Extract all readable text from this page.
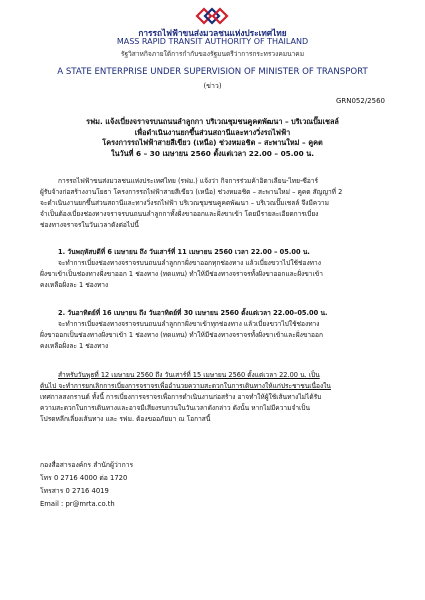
การรถไฟฟ้าขนส่งมวลชนแห่งประเทศไทย
MASS RAPID TRANSIT AUTHORITY OF THAILAND
รัฐวิสาหกิจภายใต้การกำกับของรัฐมนตรีว่าการกระทรวงคมนาคม
A STATE ENTERPRISE UNDER SUPERVISION OF MINISTER OF TRANSPORT
(ข่าว)
GRN052/2560
รฟม. แจ้งเบี่ยงจราจรบนถนนลำลูกกา บริเวณชุมชนคูคตพัฒนา – บริเวณปั๊มเชลล์
เพื่อดำเนินงานยกขึ้นส่วนสถานีและทางวิ่งรถไฟฟ้า
โครงการรถไฟฟ้าสายสีเขียว (เหนือ) ช่วงหมอชิต – สะพานใหม่ – คูคต
ในวันที่ 6 – 30 เมษายน 2560 ตั้งแต่เวลา 22.00 – 05.00 น.
การรถไฟฟ้าขนส่งมวลชนแห่งประเทศไทย (รฟม.) แจ้งว่า กิจการร่วมค้าอิตาเลียน-ไทย-ซีอาร์
ผู้รับจ้างก่อสร้างงานโยธา โครงการรถไฟฟ้าสายสีเขียว (เหนือ) ช่วงหมอชิต – สะพานใหม่ – คูคต สัญญาที่ 2
จะดำเนินงานยกขึ้นส่วนสถานีและทางวิ่งรถไฟฟ้า บริเวณชุมชนคูคตพัฒนา – บริเวณปั๊มเชลล์ จึงมีความ
จำเป็นต้องเบี่ยงช่องทางจราจรบนถนนลำลูกกาทั้งฝั่งขาออกและฝั่งขาเข้า โดยมีรายละเอียดการเบี่ยง
ช่องทางจราจรในวันเวลาดังต่อไปนี้
1. วันพฤหัสบดีที่ 6 เมษายน ถึง วันเสาร์ที่ 11 เมษายน 2560 เวลา 22.00 – 05.00 น.
จะทำการเบี่ยงช่องทางจราจรบนถนนลำลูกกาฝั่งขาออกทุกช่องทาง แล้วเบี่ยงขวาไปใช้ช่องทาง
ฝั่งขาเข้าเป็นช่องทางฝั่งขาออก 1 ช่องทาง (ทดแทน) ทำให้มีช่องทางจราจรทั้งฝั่งขาออกและฝั่งขาเข้า
คงเหลือฝั่งละ 1 ช่องทาง
2. วันอาทิตย์ที่ 16 เมษายน ถึง วันอาทิตย์ที่ 30 เมษายน 2560 ตั้งแต่เวลา 22.00–05.00 น.
จะทำการเบี่ยงช่องทางจราจรบนถนนลำลูกกาฝั่งขาเข้าทุกช่องทาง แล้วเบี่ยงขวาไปใช้ช่องทาง
ฝั่งขาออกเป็นช่องทางฝั่งขาเข้า 1 ช่องทาง (ทดแทน) ทำให้มีช่องทางจราจรทั้งฝั่งขาเข้าและฝั่งขาออก
คงเหลือฝั่งละ 1 ช่องทาง
สำหรับวันพุธที่ 12 เมษายน 2560 ถึง วันเสาร์ที่ 15 เมษายน 2560 ตั้งแต่เวลา 22.00 น. เป็น
ต้นไป จะทำการยกเลิกการเบี่ยงการจราจรเพื่ออำนวยความสะดวกในการเดินทางให้แก่ประชาชนเนื่องใน
เทศกาลสงกรานต์ ทั้งนี้ การเบี่ยงการจราจรเพื่อการดำเนินงานก่อสร้าง อาจทำให้ผู้ใช้เส้นทางไม่ได้รับ
ความสะดวกในการเดินทางและอาจมีเสียงรบกวนในวันเวลาดังกล่าว ดังนั้น หากไม่มีความจำเป็น
โปรดหลีกเลี่ยงเส้นทาง และ รฟม. ต้องขออภัยมา ณ โอกาสนี้
กองสื่อสารองค์กร สำนักผู้ว่าการ
โทร 0 2716 4000 ต่อ 1720
โทรสาร 0 2716 4019
Email : pr@mrta.co.th
